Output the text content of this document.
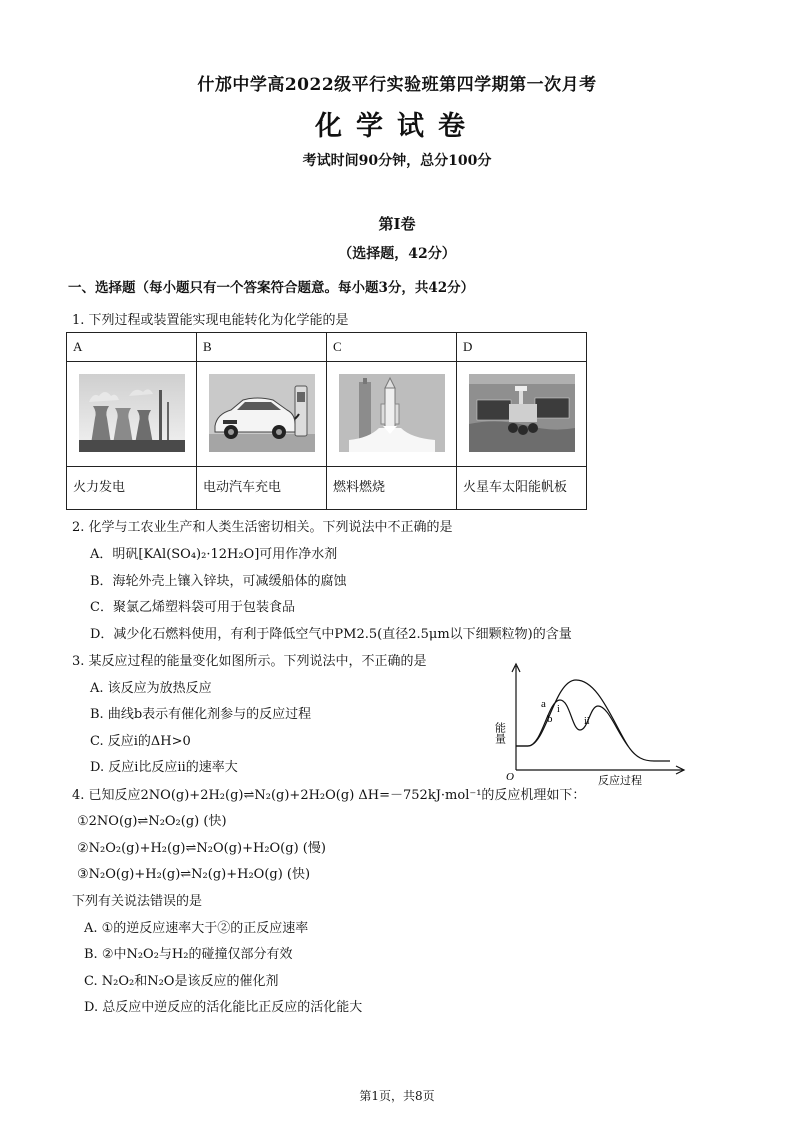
什邡中学高2022级平行实验班第四学期第一次月考
化学试卷
考试时间90分钟，总分100分
第Ⅰ卷
（选择题，42分）
一、选择题（每小题只有一个答案符合题意。每小题3分，共42分）
1. 下列过程或装置能实现电能转化为化学能的是
A	B	C	D

火力发电	电动汽车充电	燃料燃烧	火星车太阳能帆板
2. 化学与工农业生产和人类生活密切相关。下列说法中不正确的是
A．明矾[KAl(SO₄)₂·12H₂O]可用作净水剂
B．海轮外壳上镶入锌块，可减缓船体的腐蚀
C．聚氯乙烯塑料袋可用于包装食品
D．减少化石燃料使用，有利于降低空气中PM2.5(直径2.5μm以下细颗粒物)的含量
3. 某反应过程的能量变化如图所示。下列说法中，不正确的是
A. 该反应为放热反应
B. 曲线b表示有催化剂参与的反应过程
C. 反应ⅰ的ΔH>0
D. 反应ⅰ比反应ⅱ的速率大
能量
反应过程
O
a
b
i
ii
4. 已知反应2NO(g)+2H₂(g)⇌N₂(g)+2H₂O(g) ΔH=－752kJ·mol⁻¹的反应机理如下：
①2NO(g)⇌N₂O₂(g) (快)
②N₂O₂(g)+H₂(g)⇌N₂O(g)+H₂O(g) (慢)
③N₂O(g)+H₂(g)⇌N₂(g)+H₂O(g) (快)
下列有关说法错误的是
A. ①的逆反应速率大于②的正反应速率
B. ②中N₂O₂与H₂的碰撞仅部分有效
C. N₂O₂和N₂O是该反应的催化剂
D. 总反应中逆反应的活化能比正反应的活化能大
第1页，共8页
